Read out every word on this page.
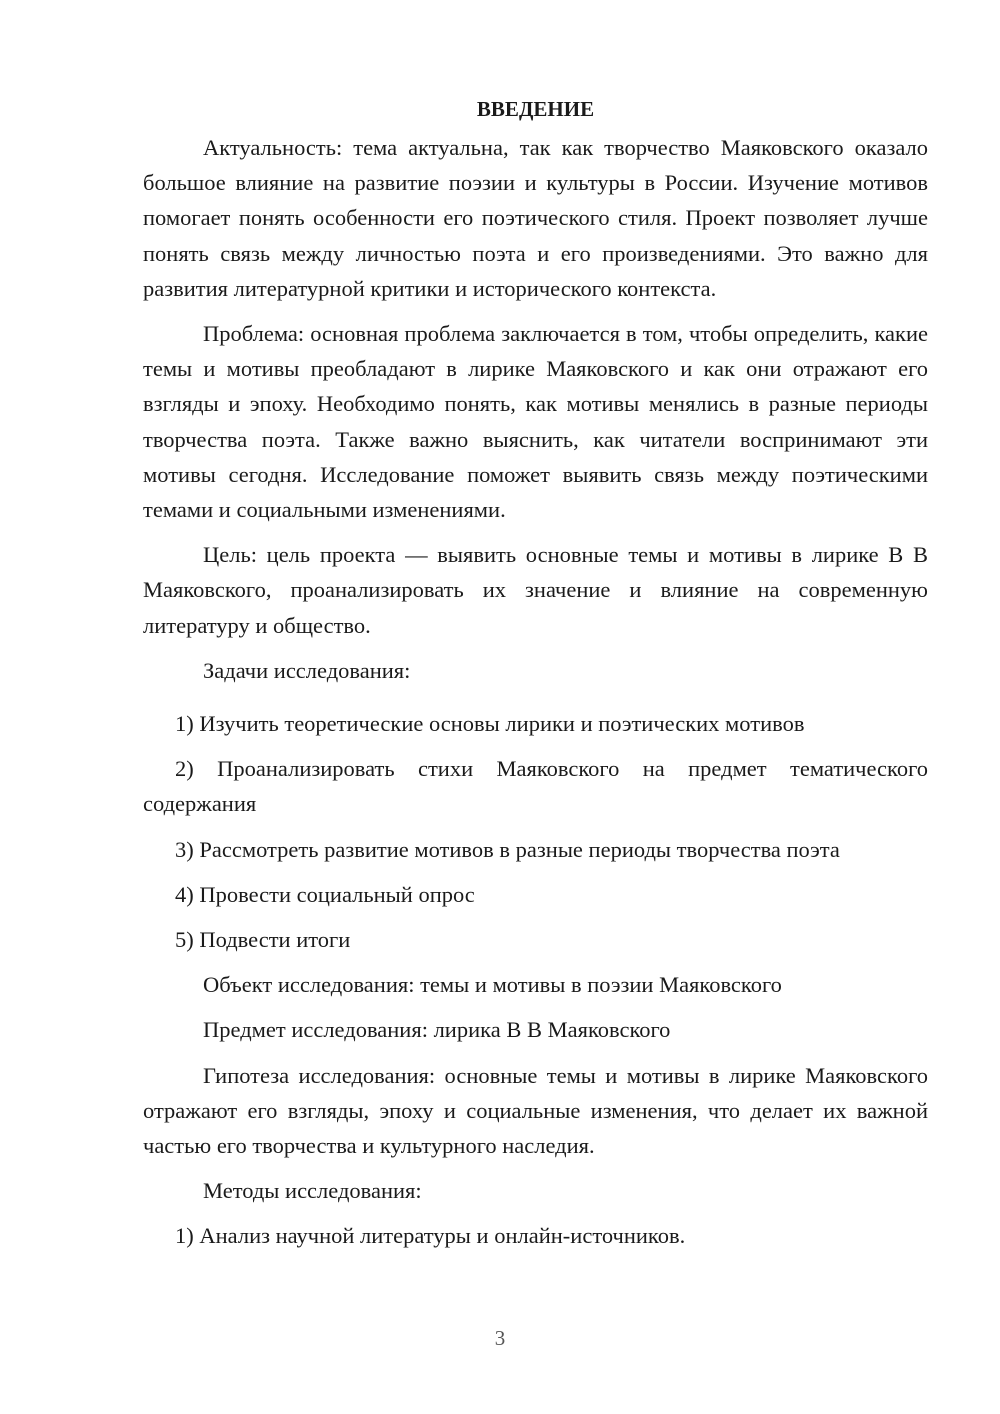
ВВЕДЕНИЕ

Актуальность: тема актуальна, так как творчество Маяковского оказало большое влияние на развитие поэзии и культуры в России. Изучение мотивов помогает понять особенности его поэтического стиля. Проект позволяет лучше понять связь между личностью поэта и его произведениями. Это важно для развития литературной критики и исторического контекста.

Проблема: основная проблема заключается в том, чтобы определить, какие темы и мотивы преобладают в лирике Маяковского и как они отражают его взгляды и эпоху. Необходимо понять, как мотивы менялись в разные периоды творчества поэта. Также важно выяснить, как читатели воспринимают эти мотивы сегодня. Исследование поможет выявить связь между поэтическими темами и социальными изменениями.

Цель: цель проекта — выявить основные темы и мотивы в лирике В В Маяковского, проанализировать их значение и влияние на современную литературу и общество.

Задачи исследования:

1) Изучить теоретические основы лирики и поэтических мотивов

2) Проанализировать стихи Маяковского на предмет тематического содержания

3) Рассмотреть развитие мотивов в разные периоды творчества поэта

4) Провести социальный опрос

5) Подвести итоги

Объект исследования: темы и мотивы в поэзии Маяковского

Предмет исследования: лирика В В Маяковского

Гипотеза исследования: основные темы и мотивы в лирике Маяковского отражают его взгляды, эпоху и социальные изменения, что делает их важной частью его творчества и культурного наследия.

Методы исследования:

1) Анализ научной литературы и онлайн-источников.

3
